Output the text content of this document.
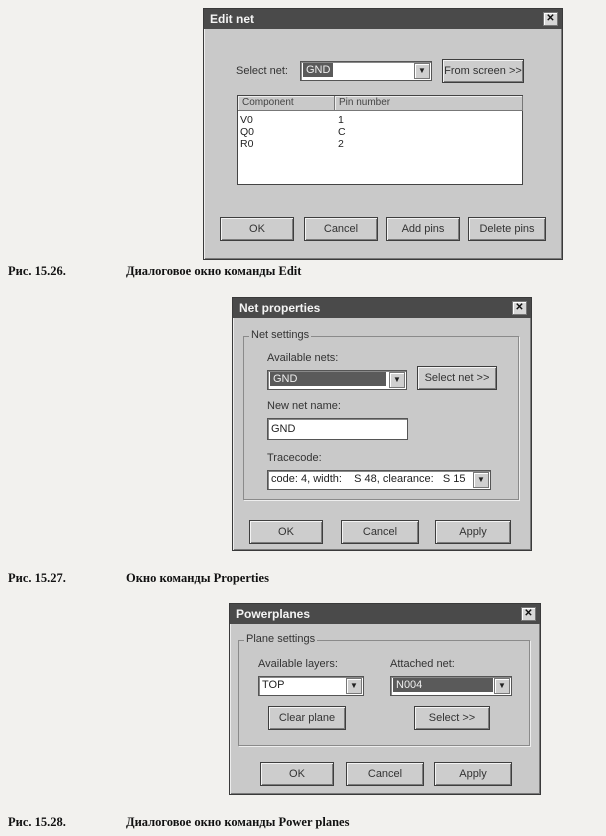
Edit net	✕
Select net: GND	▼	From screen >>
Component	Pin number
V0	1
Q0	C
R0	2
OK	Cancel	Add pins	Delete pins
Рис. 15.26.	Диалоговое окно команды Edit
Net properties	✕
Net settings
Available nets:
GND	▼	Select net >>
New net name:
GND
Tracecode:
code: 4, width:    S 48, clearance:   S 15	▼
OK	Cancel	Apply
Рис. 15.27.	Окно команды Properties
Powerplanes	✕
Plane settings
Available layers:
TOP	▼
Attached net:
N004	▼
Clear plane	Select >>
OK	Cancel	Apply
Рис. 15.28.	Диалоговое окно команды Power planes
